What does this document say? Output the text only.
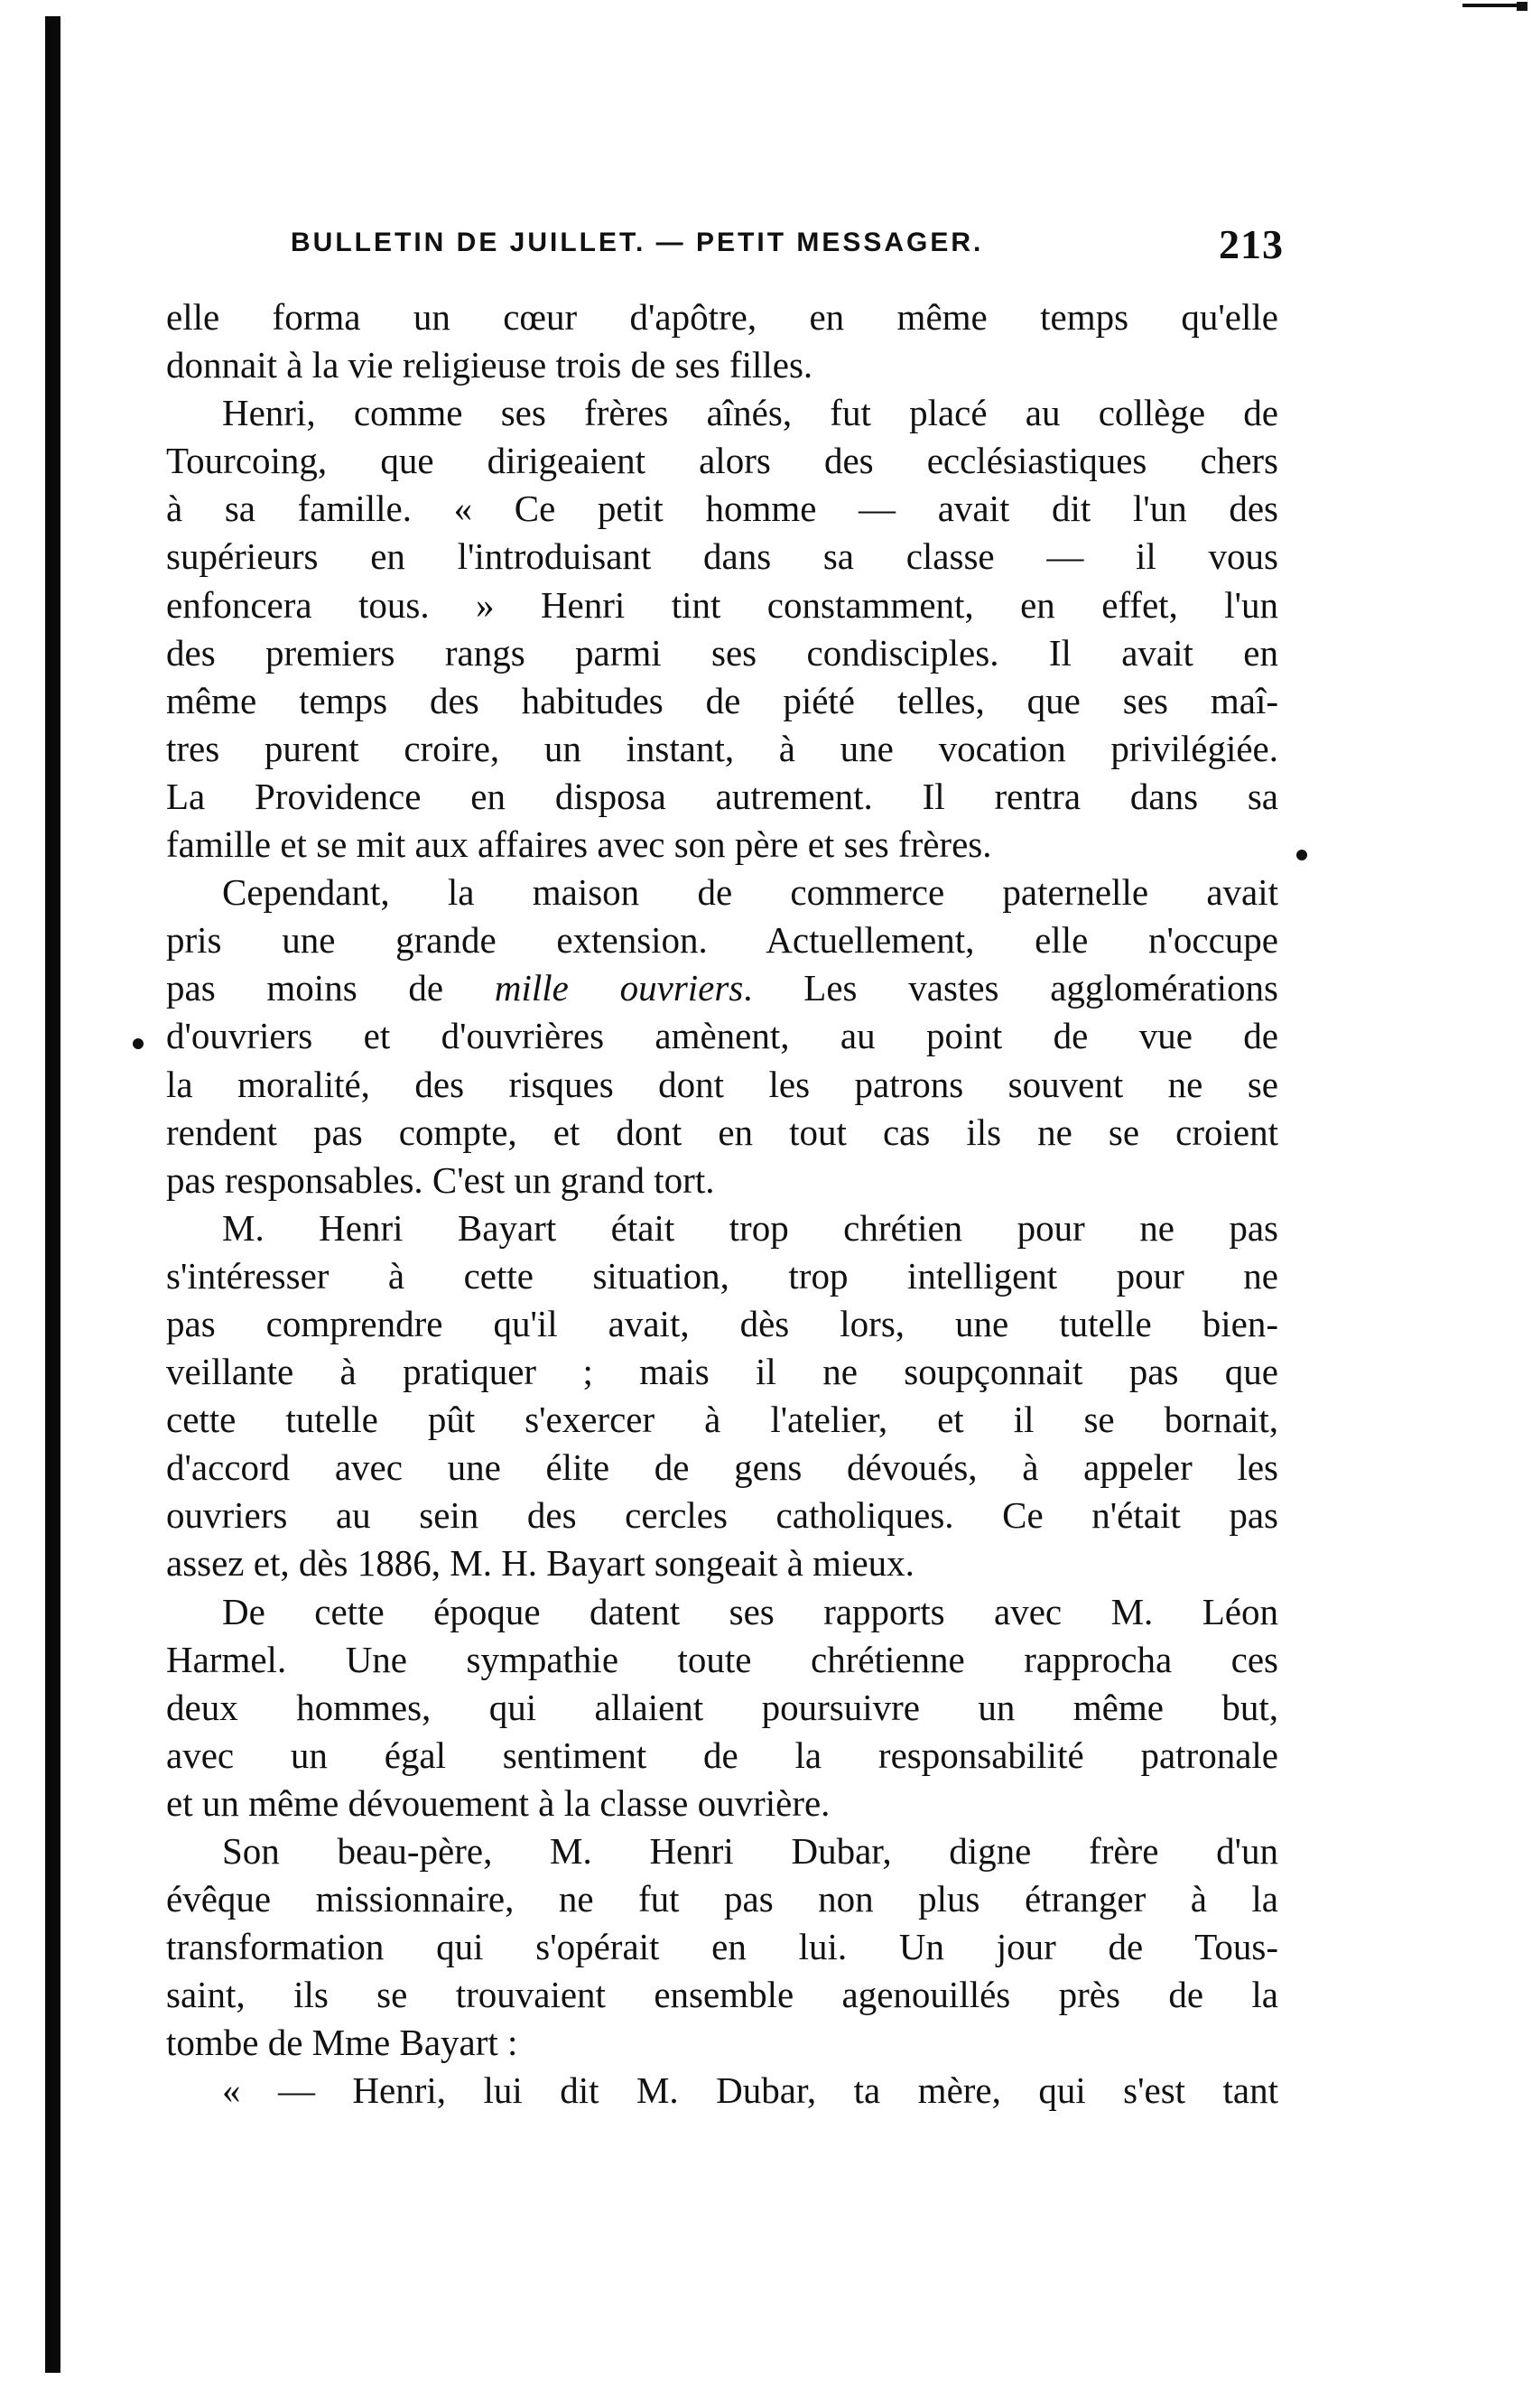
BULLETIN DE JUILLET. — PETIT MESSAGER.	213
elle forma un cœur d'apôtre, en même temps qu'elle
donnait à la vie religieuse trois de ses filles.
Henri, comme ses frères aînés, fut placé au collège de
Tourcoing, que dirigeaient alors des ecclésiastiques chers
à sa famille. « Ce petit homme — avait dit l'un des
supérieurs en l'introduisant dans sa classe — il vous
enfoncera tous. » Henri tint constamment, en effet, l'un
des premiers rangs parmi ses condisciples. Il avait en
même temps des habitudes de piété telles, que ses maî-
tres purent croire, un instant, à une vocation privilégiée.
La Providence en disposa autrement. Il rentra dans sa
famille et se mit aux affaires avec son père et ses frères.
Cependant, la maison de commerce paternelle avait
pris une grande extension. Actuellement, elle n'occupe
pas moins de mille ouvriers. Les vastes agglomérations
d'ouvriers et d'ouvrières amènent, au point de vue de
la moralité, des risques dont les patrons souvent ne se
rendent pas compte, et dont en tout cas ils ne se croient
pas responsables. C'est un grand tort.
M. Henri Bayart était trop chrétien pour ne pas
s'intéresser à cette situation, trop intelligent pour ne
pas comprendre qu'il avait, dès lors, une tutelle bien-
veillante à pratiquer ; mais il ne soupçonnait pas que
cette tutelle pût s'exercer à l'atelier, et il se bornait,
d'accord avec une élite de gens dévoués, à appeler les
ouvriers au sein des cercles catholiques. Ce n'était pas
assez et, dès 1886, M. H. Bayart songeait à mieux.
De cette époque datent ses rapports avec M. Léon
Harmel. Une sympathie toute chrétienne rapprocha ces
deux hommes, qui allaient poursuivre un même but,
avec un égal sentiment de la responsabilité patronale
et un même dévouement à la classe ouvrière.
Son beau-père, M. Henri Dubar, digne frère d'un
évêque missionnaire, ne fut pas non plus étranger à la
transformation qui s'opérait en lui. Un jour de Tous-
saint, ils se trouvaient ensemble agenouillés près de la
tombe de Mme Bayart :
« — Henri, lui dit M. Dubar, ta mère, qui s'est tant
